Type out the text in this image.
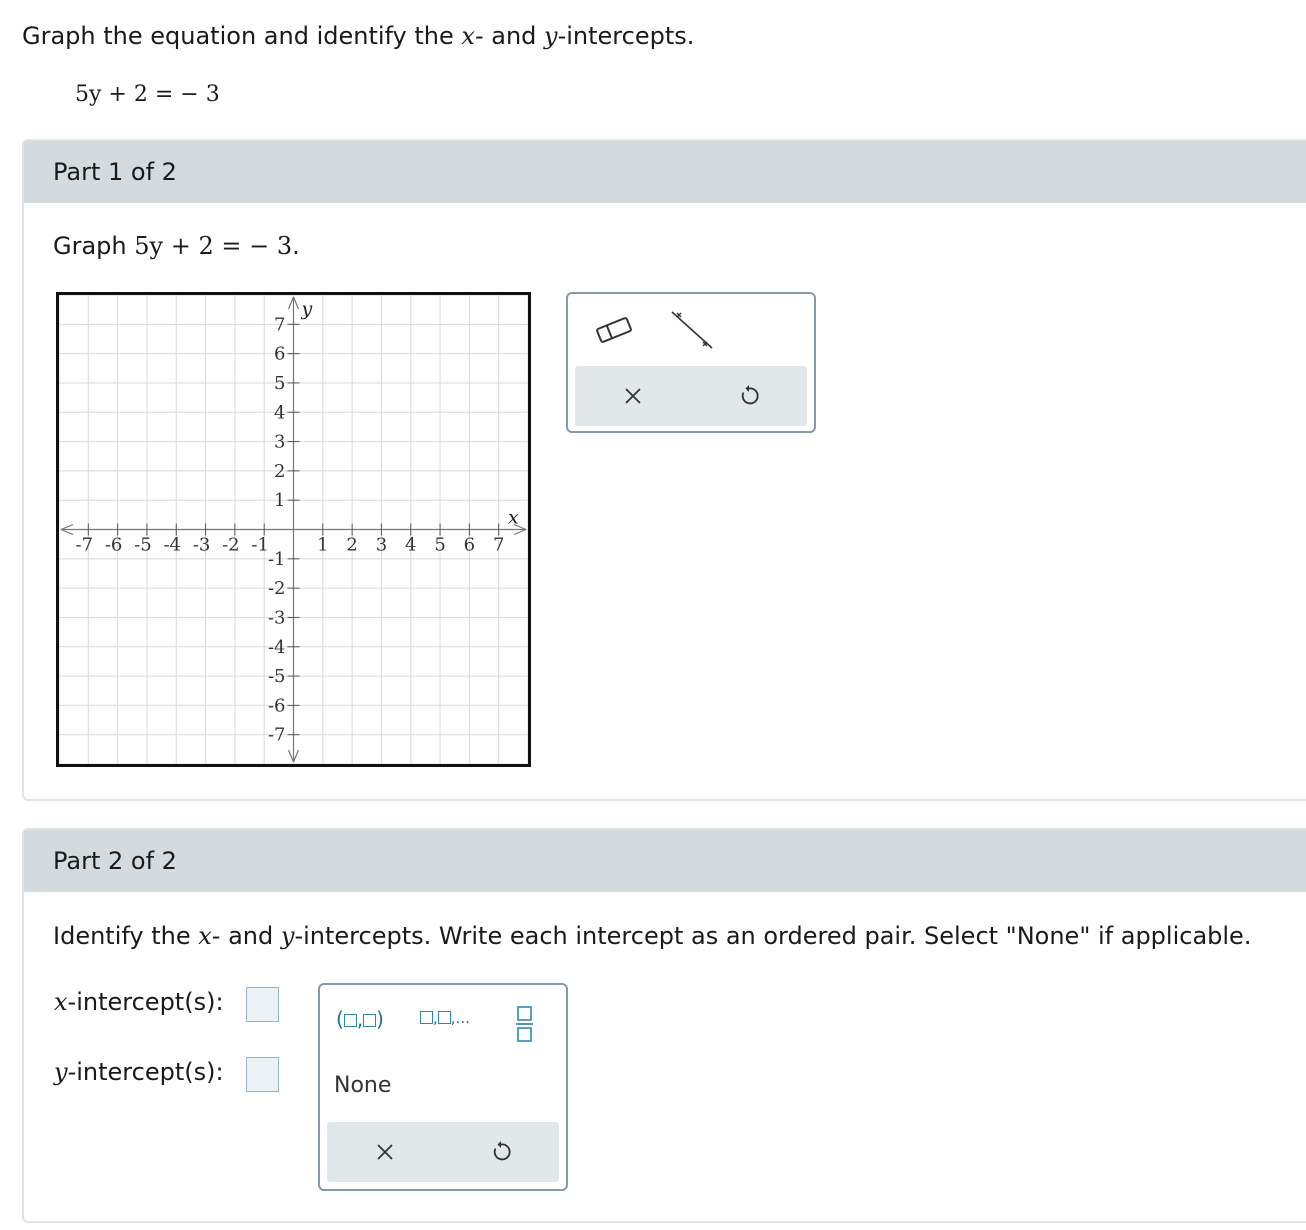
Graph the equation and identify the x- and y-intercepts.
5y + 2 = − 3
Part 1 of 2
Graph 5y + 2 = − 3.
-7 -6 -5 -4 -3 -2 -1	1 2 3 4 5 6 7
7
6
5
4
3
2
1
-1
-2
-3
-4
-5
-6
-7
x
y
Part 2 of 2
Identify the x- and y-intercepts. Write each intercept as an ordered pair. Select "None" if applicable.
x-intercept(s):
y-intercept(s):
( , )	, ,...
None
